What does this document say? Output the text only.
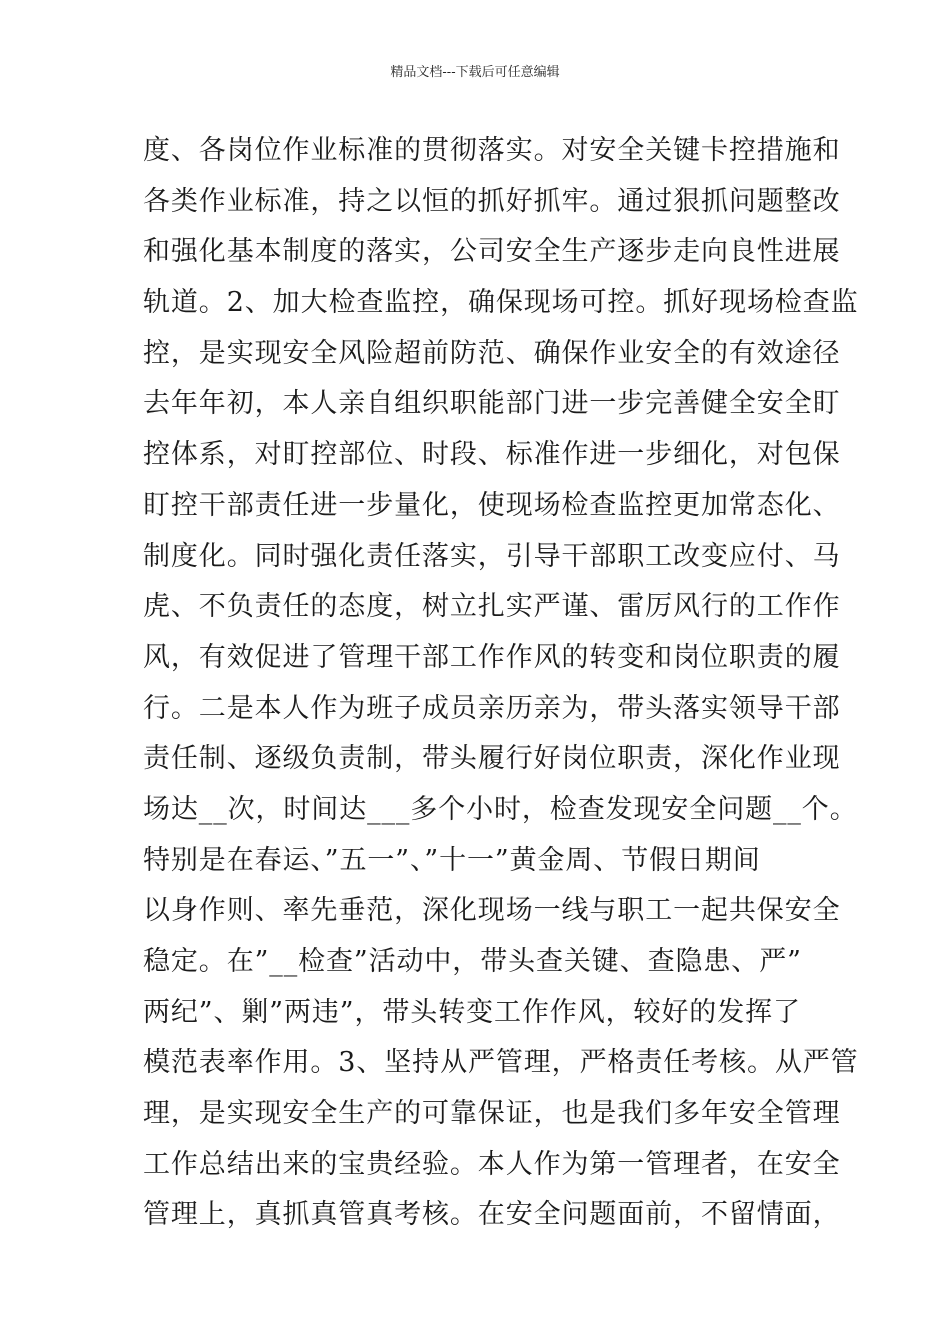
精品文档---下载后可任意编辑
度、各岗位作业标准的贯彻落实。对安全关键卡控措施和
各类作业标准，持之以恒的抓好抓牢。通过狠抓问题整改
和强化基本制度的落实，公司安全生产逐步走向良性进展
轨道。2、加大检查监控，确保现场可控。抓好现场检查监
控，是实现安全风险超前防范、确保作业安全的有效途径
去年年初，本人亲自组织职能部门进一步完善健全安全盯
控体系，对盯控部位、时段、标准作进一步细化，对包保
盯控干部责任进一步量化，使现场检查监控更加常态化、
制度化。同时强化责任落实，引导干部职工改变应付、马
虎、不负责任的态度，树立扎实严谨、雷厉风行的工作作
风，有效促进了管理干部工作作风的转变和岗位职责的履
行。二是本人作为班子成员亲历亲为，带头落实领导干部
责任制、逐级负责制，带头履行好岗位职责，深化作业现
场达__次，时间达___多个小时，检查发现安全问题__个。
特别是在春运、”五一”、”十一”黄金周、节假日期间
以身作则、率先垂范，深化现场一线与职工一起共保安全
稳定。在”__检查”活动中，带头查关键、查隐患、严”
两纪”、剿”两违”，带头转变工作作风，较好的发挥了
模范表率作用。3、坚持从严管理，严格责任考核。从严管
理，是实现安全生产的可靠保证，也是我们多年安全管理
工作总结出来的宝贵经验。本人作为第一管理者，在安全
管理上，真抓真管真考核。在安全问题面前，不留情面，
